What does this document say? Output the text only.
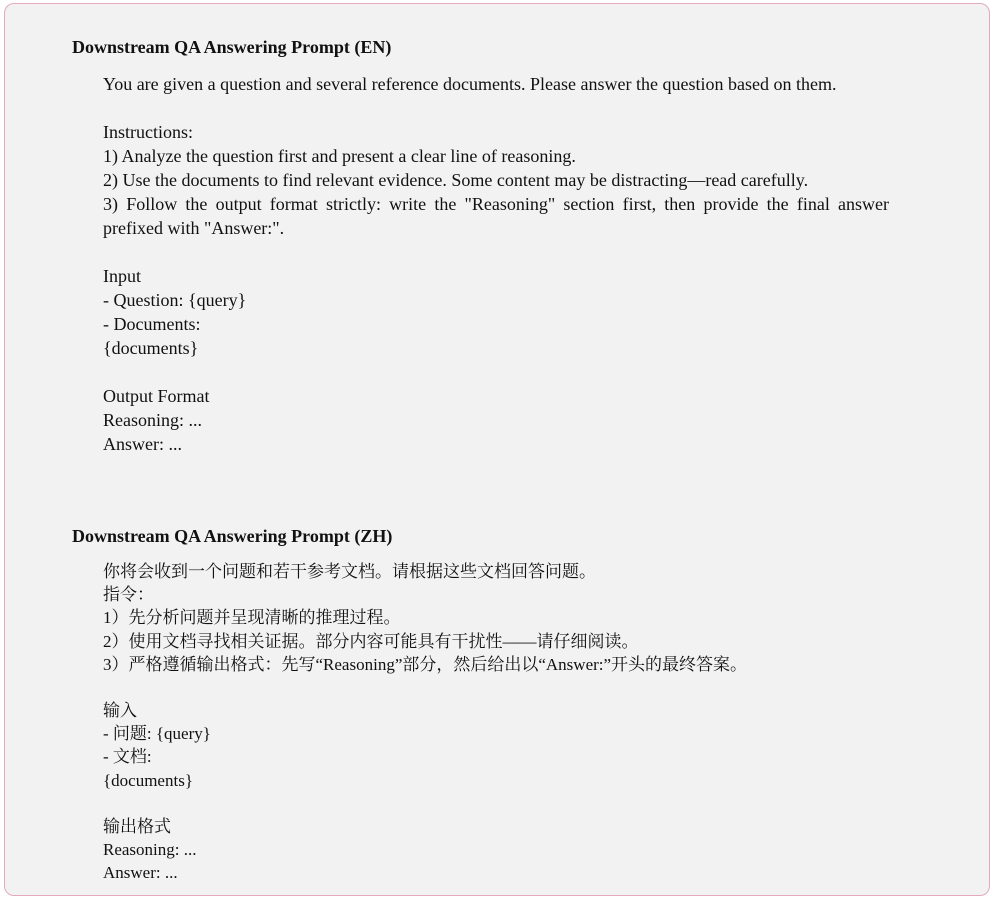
Downstream QA Answering Prompt (EN)

You are given a question and several reference documents. Please answer the question based on them.

Instructions:

1) Analyze the question first and present a clear line of reasoning.

2) Use the documents to find relevant evidence. Some content may be distracting—read carefully.

3) Follow the output format strictly: write the "Reasoning" section first, then provide the final answer prefixed with "Answer:".

Input
- Question: {query}
- Documents:
{documents}
Output Format
Reasoning: ...
Answer: ...
Downstream QA Answering Prompt (ZH)
你将会收到一个问题和若干参考文档。请根据这些文档回答问题。
指令：
1）先分析问题并呈现清晰的推理过程。
2）使用文档寻找相关证据。部分内容可能具有干扰性——请仔细阅读。
3）严格遵循输出格式：先写“Reasoning”部分，然后给出以“Answer:”开头的最终答案。
输入
- 问题: {query}
- 文档:
{documents}
输出格式
Reasoning: ...
Answer: ...
